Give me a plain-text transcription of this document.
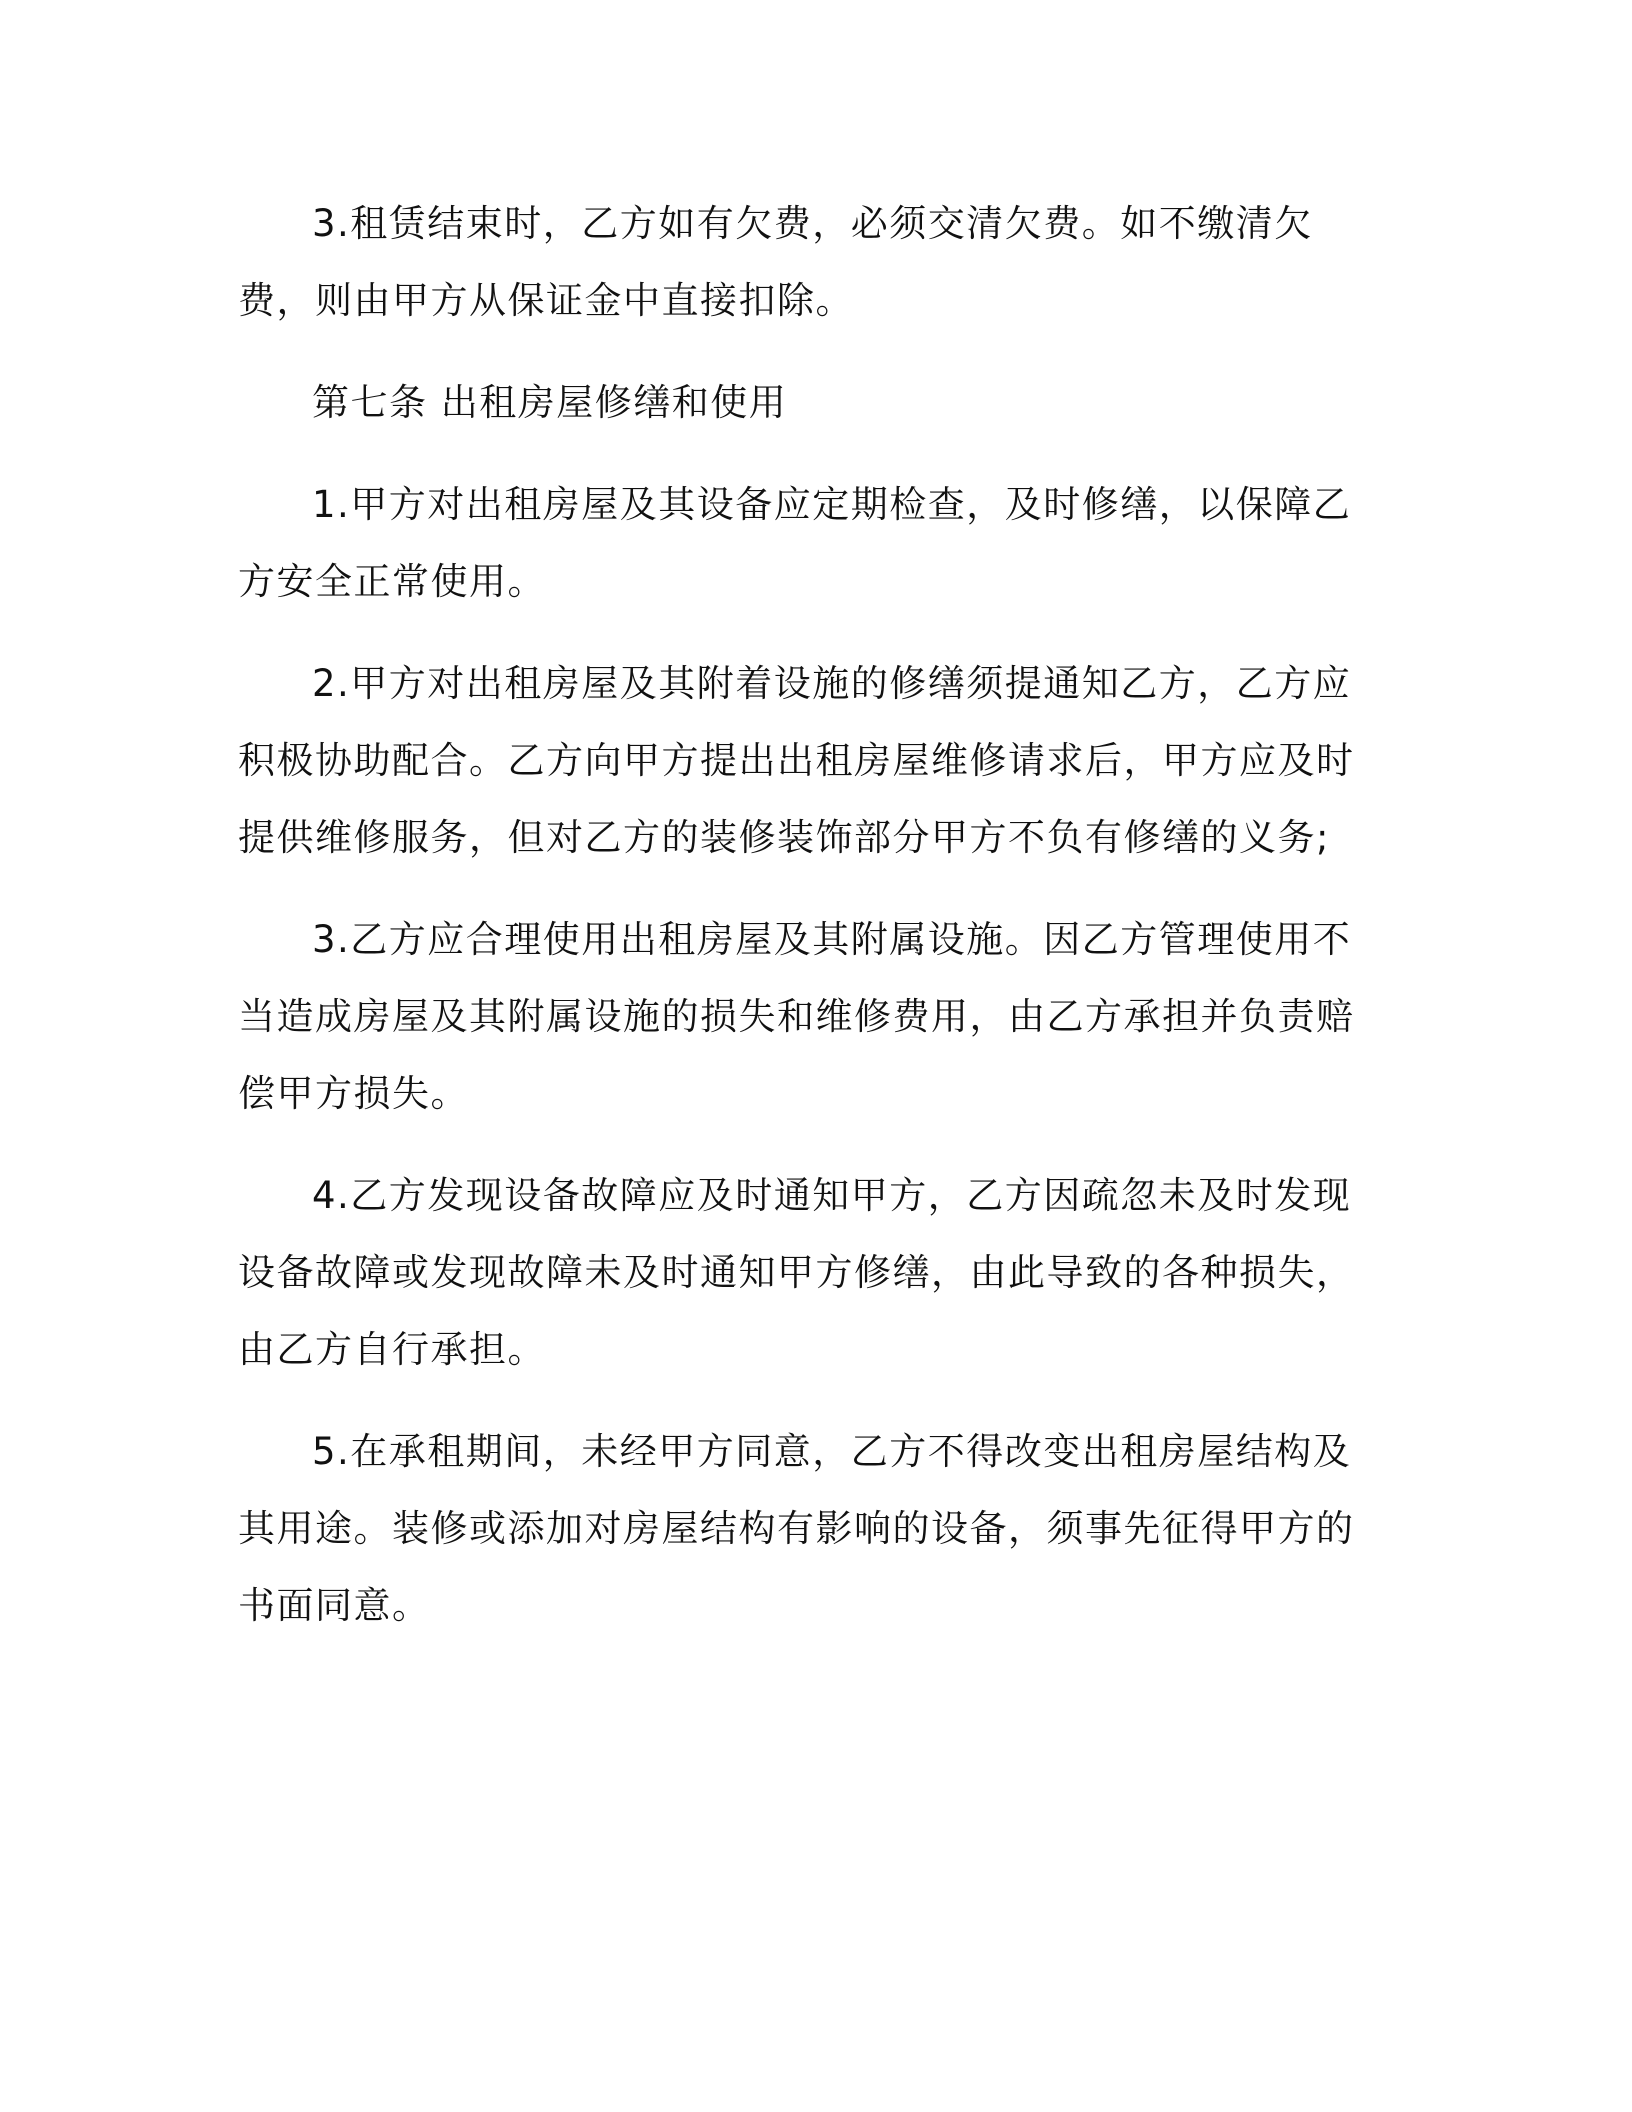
3.租赁结束时，乙方如有欠费，必须交清欠费。如不缴清欠费，则由甲方从保证金中直接扣除。

第七条 出租房屋修缮和使用

1.甲方对出租房屋及其设备应定期检查，及时修缮，以保障乙方安全正常使用。

2.甲方对出租房屋及其附着设施的修缮须提通知乙方，乙方应积极协助配合。乙方向甲方提出出租房屋维修请求后，甲方应及时提供维修服务，但对乙方的装修装饰部分甲方不负有修缮的义务;

3.乙方应合理使用出租房屋及其附属设施。因乙方管理使用不当造成房屋及其附属设施的损失和维修费用，由乙方承担并负责赔偿甲方损失。

4.乙方发现设备故障应及时通知甲方，乙方因疏忽未及时发现设备故障或发现故障未及时通知甲方修缮，由此导致的各种损失，由乙方自行承担。

5.在承租期间，未经甲方同意，乙方不得改变出租房屋结构及其用途。装修或添加对房屋结构有影响的设备，须事先征得甲方的书面同意。
